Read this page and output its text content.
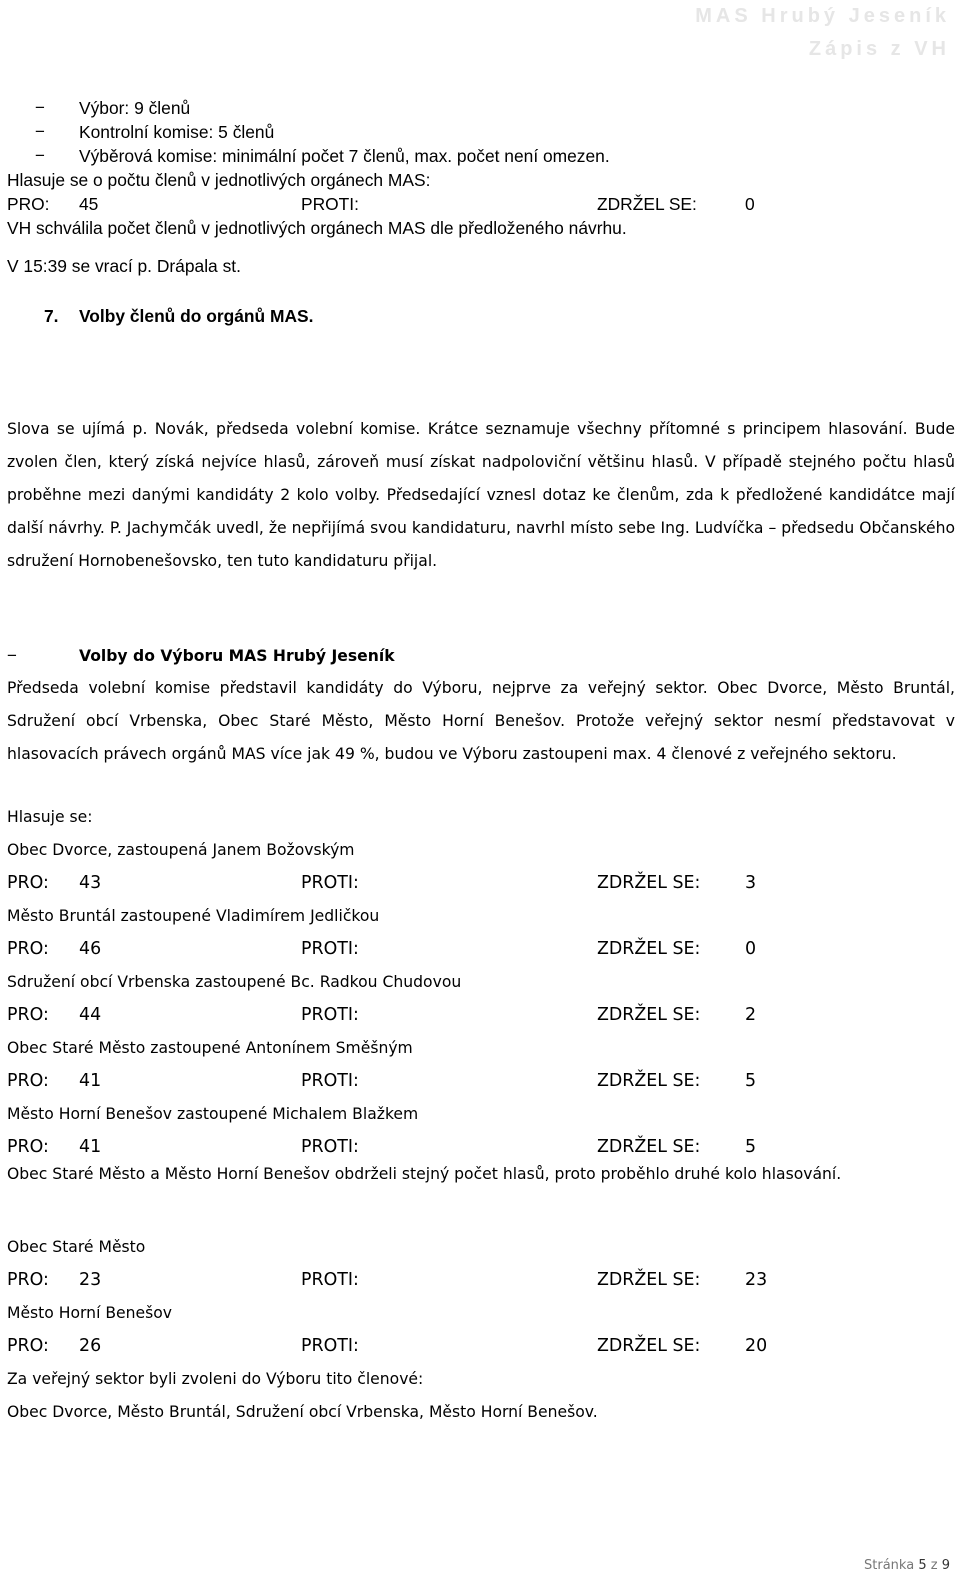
MAS Hrubý Jeseník
Zápis z VH
− Výbor: 9 členů
− Kontrolní komise: 5 členů
− Výběrová komise: minimální počet 7 členů, max. počet není omezen.
Hlasuje se o počtu členů v jednotlivých orgánech MAS:
PRO: 45	PROTI:	ZDRŽEL SE:	0
VH schválila počet členů v jednotlivých orgánech MAS dle předloženého návrhu.
V 15:39 se vrací p. Drápala st.
7. Volby členů do orgánů MAS.
Slova se ujímá p. Novák, předseda volební komise. Krátce seznamuje všechny přítomné s principem hlasování. Bude zvolen člen, který získá nejvíce hlasů, zároveň musí získat nadpoloviční většinu hlasů. V případě stejného počtu hlasů proběhne mezi danými kandidáty 2 kolo volby. Předsedající vznesl dotaz ke členům, zda k předložené kandidátce mají další návrhy. P. Jachymčák uvedl, že nepřijímá svou kandidaturu, navrhl místo sebe Ing. Ludvíčka – předsedu Občanského sdružení Hornobenešovsko, ten tuto kandidaturu přijal.
−	Volby do Výboru MAS Hrubý Jeseník
Předseda volební komise představil kandidáty do Výboru, nejprve za veřejný sektor. Obec Dvorce, Město Bruntál, Sdružení obcí Vrbenska, Obec Staré Město, Město Horní Benešov. Protože veřejný sektor nesmí představovat v hlasovacích právech orgánů MAS více jak 49 %, budou ve Výboru zastoupeni max. 4 členové z veřejného sektoru.
Hlasuje se:
Obec Dvorce, zastoupená Janem Božovským
PRO: 43	PROTI:	ZDRŽEL SE:	3
Město Bruntál zastoupené Vladimírem Jedličkou
PRO: 46	PROTI:	ZDRŽEL SE:	0
Sdružení obcí Vrbenska zastoupené Bc. Radkou Chudovou
PRO: 44	PROTI:	ZDRŽEL SE:	2
Obec Staré Město zastoupené Antonínem Směšným
PRO: 41	PROTI:	ZDRŽEL SE:	5
Město Horní Benešov zastoupené Michalem Blažkem
PRO: 41	PROTI:	ZDRŽEL SE:	5
Obec Staré Město a Město Horní Benešov obdrželi stejný počet hlasů, proto proběhlo druhé kolo hlasování.
Obec Staré Město
PRO: 23	PROTI:	ZDRŽEL SE:	23
Město Horní Benešov
PRO: 26	PROTI:	ZDRŽEL SE:	20
Za veřejný sektor byli zvoleni do Výboru tito členové:
Obec Dvorce, Město Bruntál, Sdružení obcí Vrbenska, Město Horní Benešov.
Stránka 5 z 9
